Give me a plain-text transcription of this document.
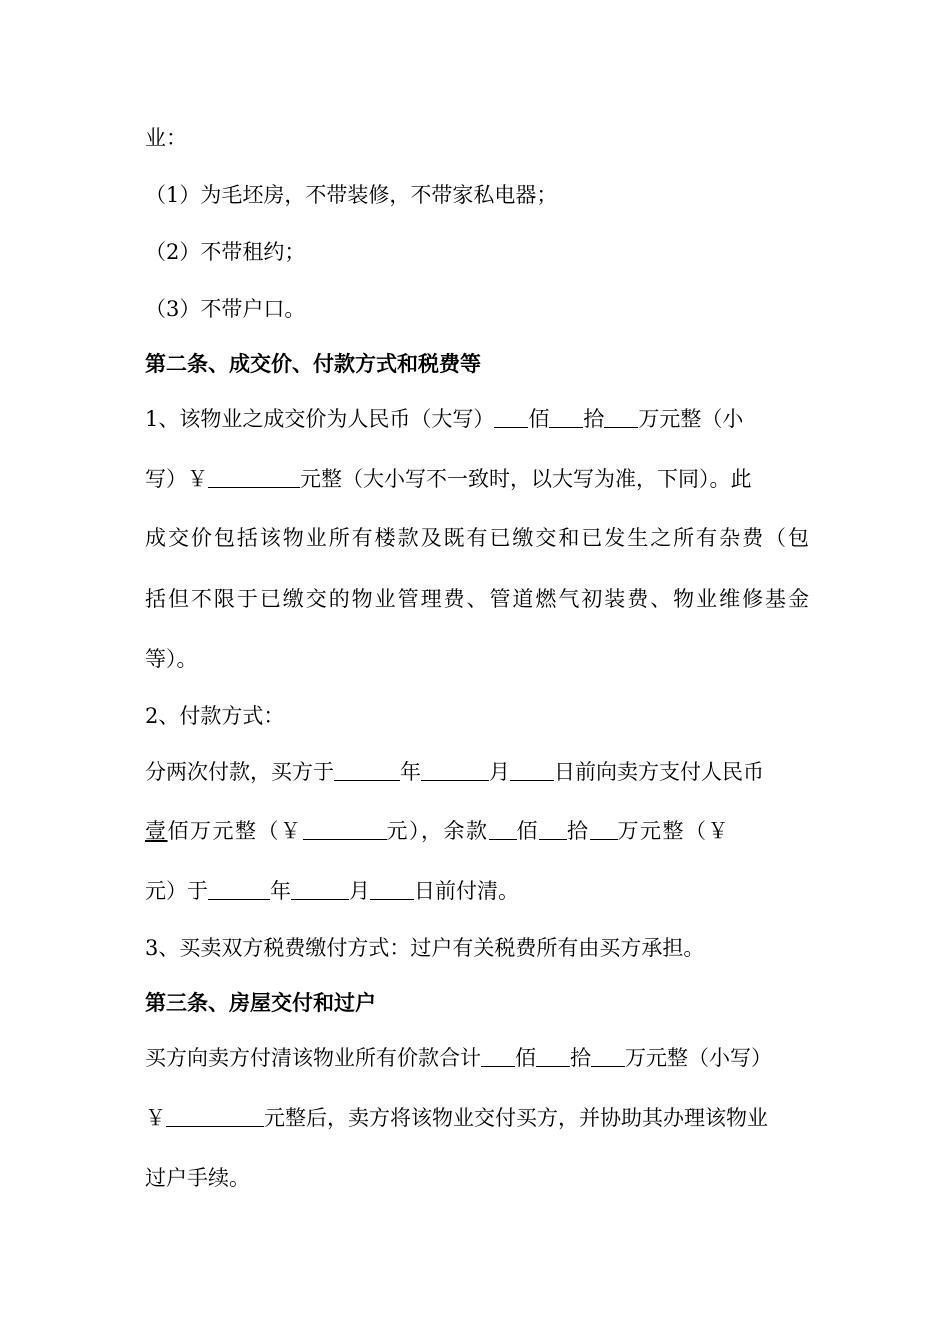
业：
（1）为毛坯房，不带装修，不带家私电器；
（2）不带租约；
（3）不带户口。
第二条、成交价、付款方式和税费等
1、该物业之成交价为人民币（大写） 佰 拾 万元整（小
写）￥	元整（大小写不一致时，以大写为准，下同）。此
成交价包括该物业所有楼款及既有已缴交和已发生之所有杂费（包
括但不限于已缴交的物业管理费、管道燃气初装费、物业维修基金
等）。
2、付款方式：
分两次付款，买方于	年	月 日前向卖方支付人民币
壹佰万元整（￥	元），余款 佰 拾 万元整（￥
元）于	年	月 日前付清。
3、买卖双方税费缴付方式：过户有关税费所有由买方承担。
第三条、房屋交付和过户
买方向卖方付清该物业所有价款合计 佰 拾 万元整（小写）
￥	元整后，卖方将该物业交付买方，并协助其办理该物业
过户手续。
